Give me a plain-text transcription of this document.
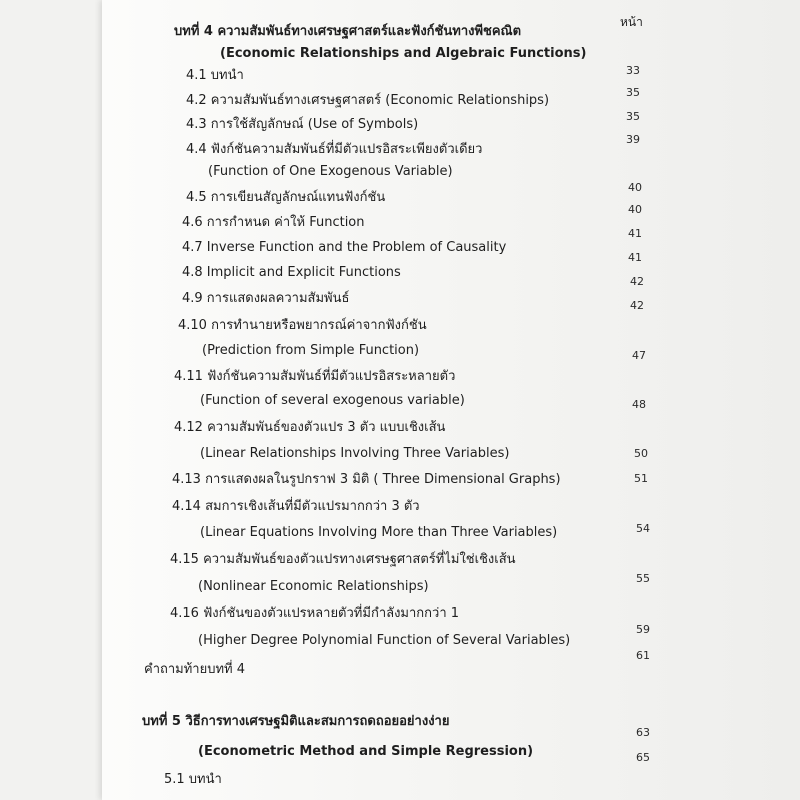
หน้า
บทที่ 4 ความสัมพันธ์ทางเศรษฐศาสตร์และฟังก์ชันทางพีชคณิต
(Economic Relationships and Algebraic Functions)
4.1 บทนำ
4.2 ความสัมพันธ์ทางเศรษฐศาสตร์ (Economic Relationships)
4.3 การใช้สัญลักษณ์ (Use of Symbols)
4.4 ฟังก์ชันความสัมพันธ์ที่มีตัวแปรอิสระเพียงตัวเดียว
(Function of One Exogenous Variable)
4.5 การเขียนสัญลักษณ์แทนฟังก์ชัน
4.6 การกำหนด ค่าให้ Function
4.7 Inverse Function and the Problem of Causality
4.8 Implicit and Explicit Functions
4.9 การแสดงผลความสัมพันธ์
4.10 การทำนายหรือพยากรณ์ค่าจากฟังก์ชัน
(Prediction from Simple Function)
4.11 ฟังก์ชันความสัมพันธ์ที่มีตัวแปรอิสระหลายตัว
(Function of several exogenous variable)
4.12 ความสัมพันธ์ของตัวแปร 3 ตัว แบบเชิงเส้น
(Linear Relationships Involving Three Variables)
4.13 การแสดงผลในรูปกราฟ 3 มิติ ( Three Dimensional Graphs)
4.14 สมการเชิงเส้นที่มีตัวแปรมากกว่า 3 ตัว
(Linear Equations Involving More than Three Variables)
4.15 ความสัมพันธ์ของตัวแปรทางเศรษฐศาสตร์ที่ไม่ใช่เชิงเส้น
(Nonlinear Economic Relationships)
4.16 ฟังก์ชันของตัวแปรหลายตัวที่มีกำลังมากกว่า 1
(Higher Degree Polynomial Function of Several Variables)
คำถามท้ายบทที่ 4
33
35
35
39
40
40
41
41
42
42
47
48
50
51
54
55
59
61
บทที่ 5 วิธีการทางเศรษฐมิติและสมการถดถอยอย่างง่าย
(Econometric Method and Simple Regression)
5.1 บทนำ
63
65
